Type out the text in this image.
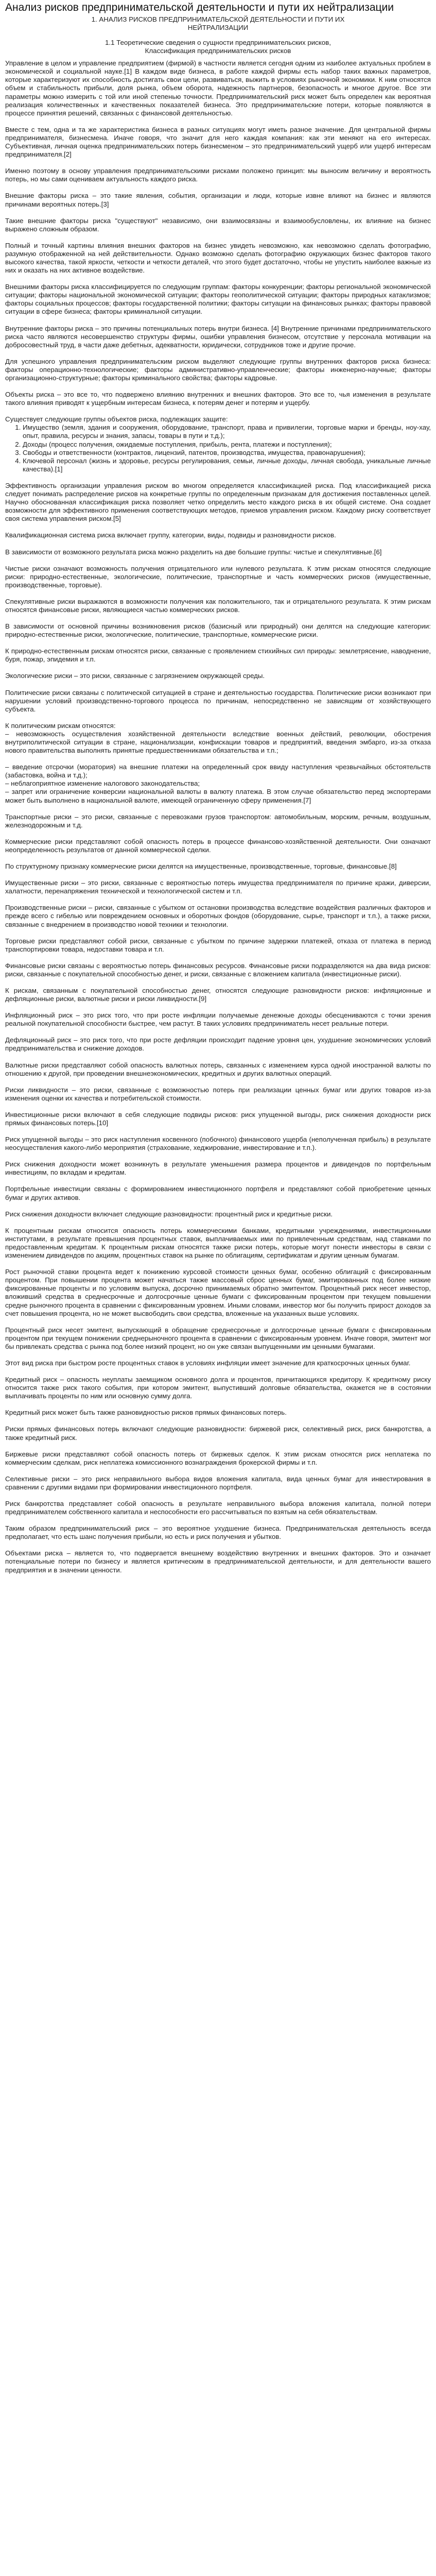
Анализ рисков предпринимательской деятельности и пути их нейтрализации
1. АНАЛИЗ РИСКОВ ПРЕДПРИНИМАТЕЛЬСКОЙ ДЕЯТЕЛЬНОСТИ И ПУТИ ИХ
НЕЙТРАЛИЗАЦИИ
1.1 Теоретические сведения о сущности предпринимательских рисков,
Классификация предпринимательских рисков

Управление в целом и управление предприятием (фирмой) в частности является сегодня одним из наиболее актуальных проблем в экономической и социальной науке.[1] В каждом виде бизнеса, в работе каждой фирмы есть набор таких важных параметров, которые характеризуют их способность достигать свои цели, развиваться, выжить в условиях рыночной экономики. К ним относятся объем и стабильность прибыли, доля рынка, объем оборота, надежность партнеров, безопасность и многое другое. Все эти параметры можно измерить с той или иной степенью точности. Предпринимательский риск может быть определен как вероятная реализация количественных и качественных показателей бизнеса. Это предпринимательские потери, которые появляются в процессе принятия решений, связанных с финансовой деятельностью.

Вместе с тем, одна и та же характеристика бизнеса в разных ситуациях могут иметь разное значение. Для центральной фирмы предпринимателя, бизнесмена. Иначе говоря, что значит для него каждая компания: как эти меняют на его интересах. Субъективная, личная оценка предпринимательских потерь бизнесменом – это предпринимательский ущерб или ущерб интересам предпринимателя.[2]

Именно поэтому в основу управления предпринимательскими рисками положено принцип: мы выносим величину и вероятность потерь, но мы сами оцениваем актуальность каждого риска.

Внешние факторы риска – это такие явления, события, организации и люди, которые извне влияют на бизнес и являются причинами вероятных потерь.[3]

Такие внешние факторы риска "существуют" независимо, они взаимосвязаны и взаимообусловлены, их влияние на бизнес выражено сложным образом.

Полный и точный картины влияния внешних факторов на бизнес увидеть невозможно, как невозможно сделать фотографию, разумную отображенной на ней действительности. Однако возможно сделать фотографию окружающих бизнес факторов такого высокого качества, такой яркости, четкости и четкости деталей, что этого будет достаточно, чтобы не упустить наиболее важные из них и оказать на них активное воздействие.

Внешними факторы риска классифицируется по следующим группам: факторы конкуренции; факторы региональной экономической ситуации; факторы национальной экономической ситуации; факторы геополитической ситуации; факторы природных катаклизмов; факторы социальных процессов; факторы государственной политики; факторы ситуации на финансовых рынках; факторы правовой ситуации в сфере бизнеса; факторы криминальной ситуации.

Внутренние факторы риска – это причины потенциальных потерь внутри бизнеса. [4] Внутренние причинами предпринимательского риска часто являются несовершенство структуры фирмы, ошибки управления бизнесом, отсутствие у персонала мотивации на добросовестный труд, в части даже дебетных, адекватности, юридически, сотрудников тоже и другие прочие.

Для успешного управления предпринимательским риском выделяют следующие группы внутренних факторов риска бизнеса: факторы операционно-технологические; факторы административно-управленческие; факторы инженерно-научные; факторы организационно-структурные; факторы криминального свойства; факторы кадровые.

Объекты риска – это все то, что подвержено влиянию внутренних и внешних факторов. Это все то, чья изменения в результате такого влияния приводят к ущербным интересам бизнеса, к потерям денег и потерям и ущербу.

Существует следующие группы объектов риска, подлежащих защите:

1. Имущество (земля, здания и сооружения, оборудование, транспорт, права и привилегии, торговые марки и бренды, ноу-хау, опыт, правила, ресурсы и знания, запасы, товары в пути и т.д.);
2. Доходы (процесс получения, ожидаемые поступления, прибыль, рента, платежи и поступления);
3. Свободы и ответственности (контрактов, лицензий, патентов, производства, имущества, правонарушения);
4. Ключевой персонал (жизнь и здоровье, ресурсы регулирования, семьи, личные доходы, личная свобода, уникальные личные качества).[1]

Эффективность организации управления риском во многом определяется классификацией риска. Под классификацией риска следует понимать распределение рисков на конкретные группы по определенным признакам для достижения поставленных целей. Научно обоснованная классификация риска позволяет четко определить место каждого риска в их общей системе. Она создает возможности для эффективного применения соответствующих методов, приемов управления риском. Каждому риску соответствует своя система управления риском.[5]

Квалификационная система риска включает группу, категории, виды, подвиды и разновидности рисков.

В зависимости от возможного результата риска можно разделить на две большие группы: чистые и спекулятивные.[6]

Чистые риски означают возможность получения отрицательного или нулевого результата. К этим рискам относятся следующие риски: природно-естественные, экологические, политические, транспортные и часть коммерческих рисков (имущественные, производственные, торговые).

Спекулятивные риски выражаются в возможности получения как положительного, так и отрицательного результата. К этим рискам относятся финансовые риски, являющиеся частью коммерческих рисков.

В зависимости от основной причины возникновения рисков (базисный или природный) они делятся на следующие категории: природно-естественные риски, экологические, политические, транспортные, коммерческие риски.

К природно-естественным рискам относятся риски, связанные с проявлением стихийных сил природы: землетрясение, наводнение, буря, пожар, эпидемия и т.п.

Экологические риски – это риски, связанные с загрязнением окружающей среды.

Политические риски связаны с политической ситуацией в стране и деятельностью государства. Политические риски возникают при нарушении условий производственно-торгового процесса по причинам, непосредственно не зависящим от хозяйствующего субъекта.

К политическим рискам относятся:

– невозможность осуществления хозяйственной деятельности вследствие военных действий, революции, обострения внутриполитической ситуации в стране, национализации, конфискации товаров и предприятий, введения эмбарго, из-за отказа нового правительства выполнять принятые предшественниками обязательства и т.п.;

– введение отсрочки (моратория) на внешние платежи на определенный срок ввиду наступления чрезвычайных обстоятельств (забастовка, война и т.д.);

– неблагоприятное изменение налогового законодательства;

– запрет или ограничение конверсии национальной валюты в валюту платежа. В этом случае обязательство перед экспортерами может быть выполнено в национальной валюте, имеющей ограниченную сферу применения.[7]

Транспортные риски – это риски, связанные с перевозками грузов транспортом: автомобильным, морским, речным, воздушным, железнодорожным и т.д.

Коммерческие риски представляют собой опасность потерь в процессе финансово-хозяйственной деятельности. Они означают неопределенность результатов от данной коммерческой сделки.

По структурному признаку коммерческие риски делятся на имущественные, производственные, торговые, финансовые.[8]

Имущественные риски – это риски, связанные с вероятностью потерь имущества предпринимателя по причине кражи, диверсии, халатности, перенапряжения технической и технологической систем и т.п.

Производственные риски – риски, связанные с убытком от остановки производства вследствие воздействия различных факторов и прежде всего с гибелью или повреждением основных и оборотных фондов (оборудование, сырье, транспорт и т.п.), а также риски, связанные с внедрением в производство новой техники и технологии.

Торговые риски представляют собой риски, связанные с убытком по причине задержки платежей, отказа от платежа в период транспортировки товара, недоставки товара и т.п.

Финансовые риски связаны с вероятностью потерь финансовых ресурсов. Финансовые риски подразделяются на два вида рисков: риски, связанные с покупательной способностью денег, и риски, связанные с вложением капитала (инвестиционные риски).

К рискам, связанным с покупательной способностью денег, относятся следующие разновидности рисков: инфляционные и дефляционные риски, валютные риски и риски ликвидности.[9]

Инфляционный риск – это риск того, что при росте инфляции получаемые денежные доходы обесцениваются с точки зрения реальной покупательной способности быстрее, чем растут. В таких условиях предприниматель несет реальные потери.

Дефляционный риск – это риск того, что при росте дефляции происходит падение уровня цен, ухудшение экономических условий предпринимательства и снижение доходов.

Валютные риски представляют собой опасность валютных потерь, связанных с изменением курса одной иностранной валюты по отношению к другой, при проведении внешнеэкономических, кредитных и других валютных операций.

Риски ликвидности – это риски, связанные с возможностью потерь при реализации ценных бумаг или других товаров из-за изменения оценки их качества и потребительской стоимости.

Инвестиционные риски включают в себя следующие подвиды рисков: риск упущенной выгоды, риск снижения доходности риск прямых финансовых потерь.[10]

Риск упущенной выгоды – это риск наступления косвенного (побочного) финансового ущерба (неполученная прибыль) в результате неосуществления какого-либо мероприятия (страхование, хеджирование, инвестирование и т.п.).

Риск снижения доходности может возникнуть в результате уменьшения размера процентов и дивидендов по портфельным инвестициям, по вкладам и кредитам.

Портфельные инвестиции связаны с формированием инвестиционного портфеля и представляют собой приобретение ценных бумаг и других активов.

Риск снижения доходности включает следующие разновидности: процентный риск и кредитные риски.

К процентным рискам относится опасность потерь коммерческими банками, кредитными учреждениями, инвестиционными институтами, в результате превышения процентных ставок, выплачиваемых ими по привлеченным средствам, над ставками по предоставленным кредитам. К процентным рискам относятся также риски потерь, которые могут понести инвесторы в связи с изменением дивидендов по акциям, процентных ставок на рынке по облигациям, сертификатам и другим ценным бумагам.

Рост рыночной ставки процента ведет к понижению курсовой стоимости ценных бумаг, особенно облигаций с фиксированным процентом. При повышении процента может начаться также массовый сброс ценных бумаг, эмитированных под более низкие фиксированные проценты и по условиям выпуска, досрочно принимаемых обратно эмитентом. Процентный риск несет инвестор, вложивший средства в среднесрочные и долгосрочные ценные бумаги с фиксированным процентом при текущем повышении средне рыночного процента в сравнении с фиксированным уровнем. Иными словами, инвестор мог бы получить прирост доходов за счет повышения процента, но не может высвободить свои средства, вложенные на указанных выше условиях.

Процентный риск несет эмитент, выпускающий в обращение среднесрочные и долгосрочные ценные бумаги с фиксированным процентом при текущем понижении среднерыночного процента в сравнении с фиксированным уровнем. Иначе говоря, эмитент мог бы привлекать средства с рынка под более низкий процент, но он уже связан выпущенными им ценными бумагами.

Этот вид риска при быстром росте процентных ставок в условиях инфляции имеет значение для краткосрочных ценных бумаг.

Кредитный риск – опасность неуплаты заемщиком основного долга и процентов, причитающихся кредитору. К кредитному риску относится также риск такого события, при котором эмитент, выпустивший долговые обязательства, окажется не в состоянии выплачивать проценты по ним или основную сумму долга.

Кредитный риск может быть также разновидностью рисков прямых финансовых потерь.

Риски прямых финансовых потерь включают следующие разновидности: биржевой риск, селективный риск, риск банкротства, а также кредитный риск.

Биржевые риски представляют собой опасность потерь от биржевых сделок. К этим рискам относятся риск неплатежа по коммерческим сделкам, риск неплатежа комиссионного вознаграждения брокерской фирмы и т.п.

Селективные риски – это риск неправильного выбора видов вложения капитала, вида ценных бумаг для инвестирования в сравнении с другими видами при формировании инвестиционного портфеля.

Риск банкротства представляет собой опасность в результате неправильного выбора вложения капитала, полной потери предпринимателем собственного капитала и неспособности его рассчитываться по взятым на себя обязательствам.

Таким образом предпринимательский риск – это вероятное ухудшение бизнеса. Предпринимательская деятельность всегда предполагает, что есть шанс получения прибыли, но есть и риск получения и убытков.

Объектами риска – является то, что подвергается внешнему воздействию внутренних и внешних факторов. Это и означает потенциальные потери по бизнесу и является критическим в предпринимательской деятельности, и для деятельности вашего предприятия и в значении ценности.
